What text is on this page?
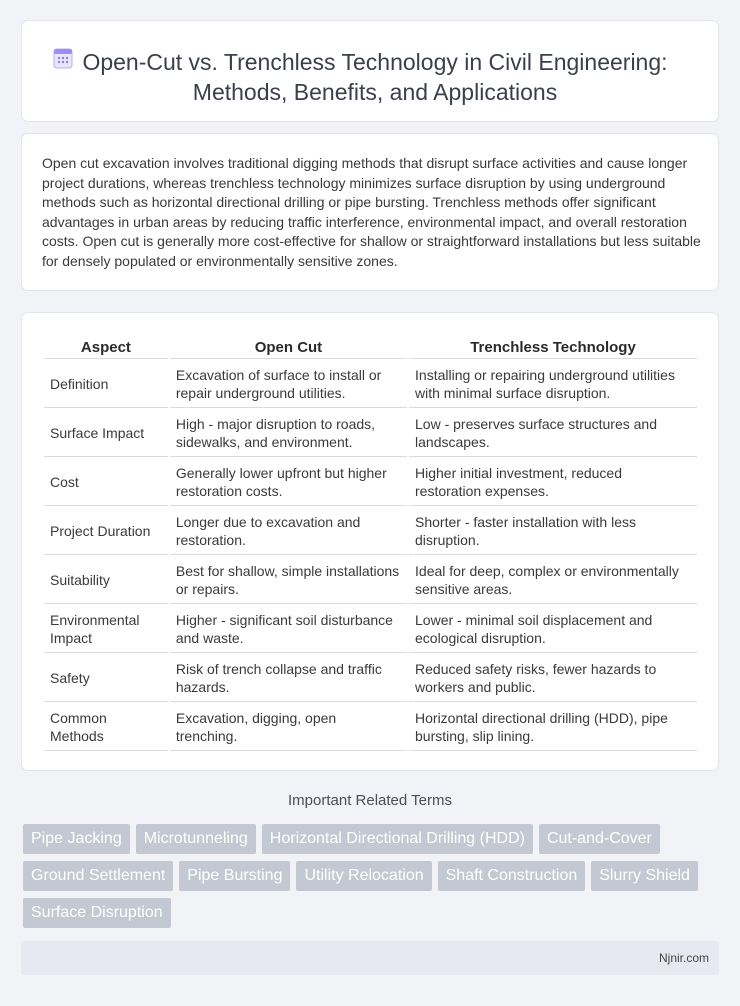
Open-Cut vs. Trenchless Technology in Civil Engineering: Methods, Benefits, and Applications

Open cut excavation involves traditional digging methods that disrupt surface activities and cause longer project durations, whereas trenchless technology minimizes surface disruption by using underground methods such as horizontal directional drilling or pipe bursting. Trenchless methods offer significant advantages in urban areas by reducing traffic interference, environmental impact, and overall restoration costs. Open cut is generally more cost-effective for shallow or straightforward installations but less suitable for densely populated or environmentally sensitive zones.

Aspect	Open Cut	Trenchless Technology
Definition	Excavation of surface to install or repair underground utilities.	Installing or repairing underground utilities with minimal surface disruption.
Surface Impact	High - major disruption to roads, sidewalks, and environment.	Low - preserves surface structures and landscapes.
Cost	Generally lower upfront but higher restoration costs.	Higher initial investment, reduced restoration expenses.
Project Duration	Longer due to excavation and restoration.	Shorter - faster installation with less disruption.
Suitability	Best for shallow, simple installations or repairs.	Ideal for deep, complex or environmentally sensitive areas.
Environmental Impact	Higher - significant soil disturbance and waste.	Lower - minimal soil displacement and ecological disruption.
Safety	Risk of trench collapse and traffic hazards.	Reduced safety risks, fewer hazards to workers and public.
Common Methods	Excavation, digging, open trenching.	Horizontal directional drilling (HDD), pipe bursting, slip lining.
Important Related Terms
Pipe Jacking	Microtunneling	Horizontal Directional Drilling (HDD)	Cut-and-Cover
Ground Settlement	Pipe Bursting	Utility Relocation	Shaft Construction	Slurry Shield
Surface Disruption
Njnir.com
